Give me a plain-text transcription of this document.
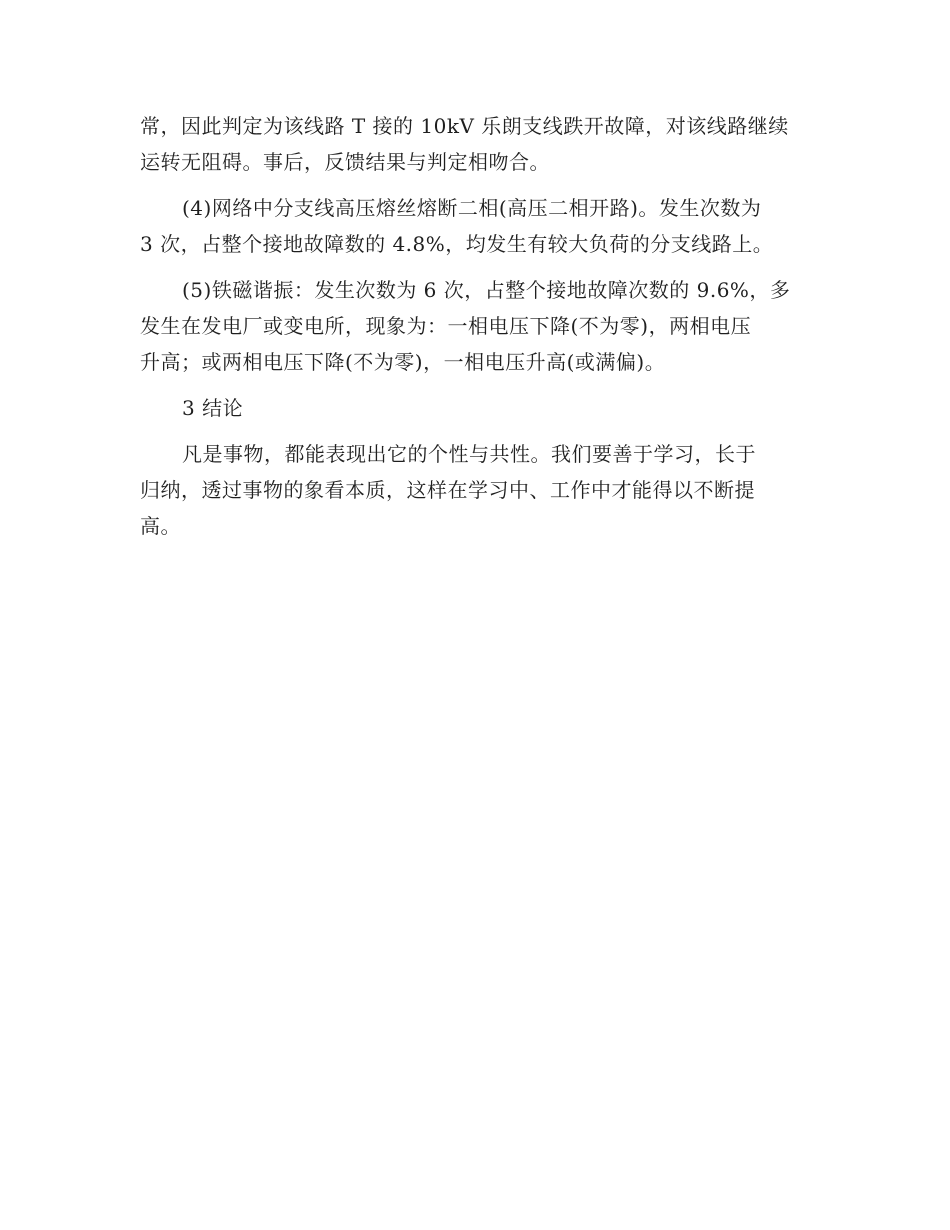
常，因此判定为该线路 T 接的 10kV 乐朗支线跌开故障，对该线路继续
运转无阻碍。事后，反馈结果与判定相吻合。

(4)网络中分支线高压熔丝熔断二相(高压二相开路)。发生次数为
3 次，占整个接地故障数的 4.8%，均发生有较大负荷的分支线路上。

(5)铁磁谐振：发生次数为 6 次，占整个接地故障次数的 9.6%，多
发生在发电厂或变电所，现象为：一相电压下降(不为零)，两相电压
升高；或两相电压下降(不为零)，一相电压升高(或满偏)。

3 结论

凡是事物，都能表现出它的个性与共性。我们要善于学习，长于
归纳，透过事物的象看本质，这样在学习中、工作中才能得以不断提
高。
